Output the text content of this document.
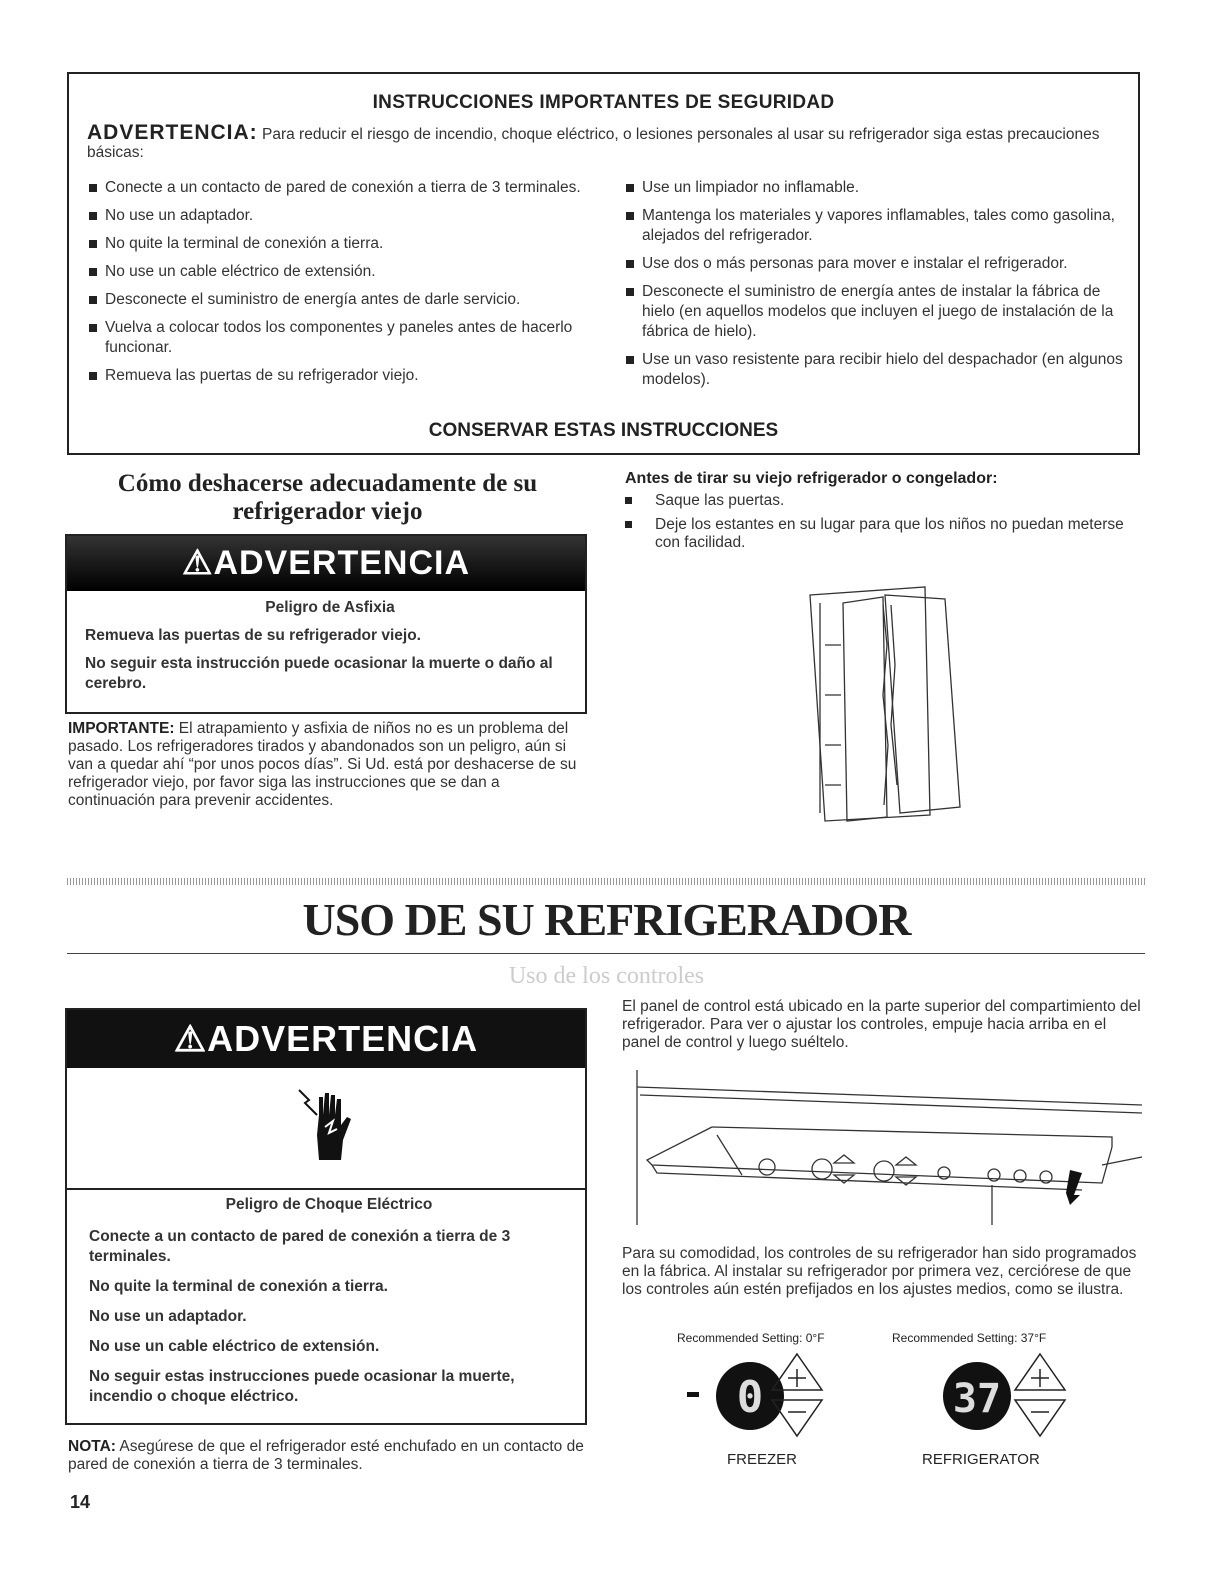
INSTRUCCIONES IMPORTANTES DE SEGURIDAD
ADVERTENCIA: Para reducir el riesgo de incendio, choque eléctrico, o lesiones personales al usar su refrigerador siga estas precauciones básicas:
Conecte a un contacto de pared de conexión a tierra de 3 terminales.
No use un adaptador.
No quite la terminal de conexión a tierra.
No use un cable eléctrico de extensión.
Desconecte el suministro de energía antes de darle servicio.
Vuelva a colocar todos los componentes y paneles antes de hacerlo funcionar.
Remueva las puertas de su refrigerador viejo.
Use un limpiador no inflamable.
Mantenga los materiales y vapores inflamables, tales como gasolina, alejados del refrigerador.
Use dos o más personas para mover e instalar el refrigerador.
Desconecte el suministro de energía antes de instalar la fábrica de hielo (en aquellos modelos que incluyen el juego de instalación de la fábrica de hielo).
Use un vaso resistente para recibir hielo del despachador (en algunos modelos).
CONSERVAR ESTAS INSTRUCCIONES
Cómo deshacerse adecuadamente de su refrigerador viejo
⚠ADVERTENCIA

Peligro de Asfixia

Remueva las puertas de su refrigerador viejo.

No seguir esta instrucción puede ocasionar la muerte o daño al cerebro.

IMPORTANTE: El atrapamiento y asfixia de niños no es un problema del pasado. Los refrigeradores tirados y abandonados son un peligro, aún si van a quedar ahí “por unos pocos días”. Si Ud. está por deshacerse de su refrigerador viejo, por favor siga las instrucciones que se dan a continuación para prevenir accidentes.
Antes de tirar su viejo refrigerador o congelador:
Saque las puertas.
Deje los estantes en su lugar para que los niños no puedan meterse con facilidad.
USO DE SU REFRIGERADOR
Uso de los controles
⚠ADVERTENCIA
Peligro de Choque Eléctrico

Conecte a un contacto de pared de conexión a tierra de 3 terminales.

No quite la terminal de conexión a tierra.

No use un adaptador.

No use un cable eléctrico de extensión.

No seguir estas instrucciones puede ocasionar la muerte, incendio o choque eléctrico.

NOTA: Asegúrese de que el refrigerador esté enchufado en un contacto de pared de conexión a tierra de 3 terminales.
El panel de control está ubicado en la parte superior del compartimiento del refrigerador. Para ver o ajustar los controles, empuje hacia arriba en el panel de control y luego suéltelo.
Para su comodidad, los controles de su refrigerador han sido programados en la fábrica. Al instalar su refrigerador por primera vez, cerciórese de que los controles aún estén prefijados en los ajustes medios, como se ilustra.
Recommended Setting: 0°F	Recommended Setting: 37°F
0	37
FREEZER	REFRIGERATOR
14
